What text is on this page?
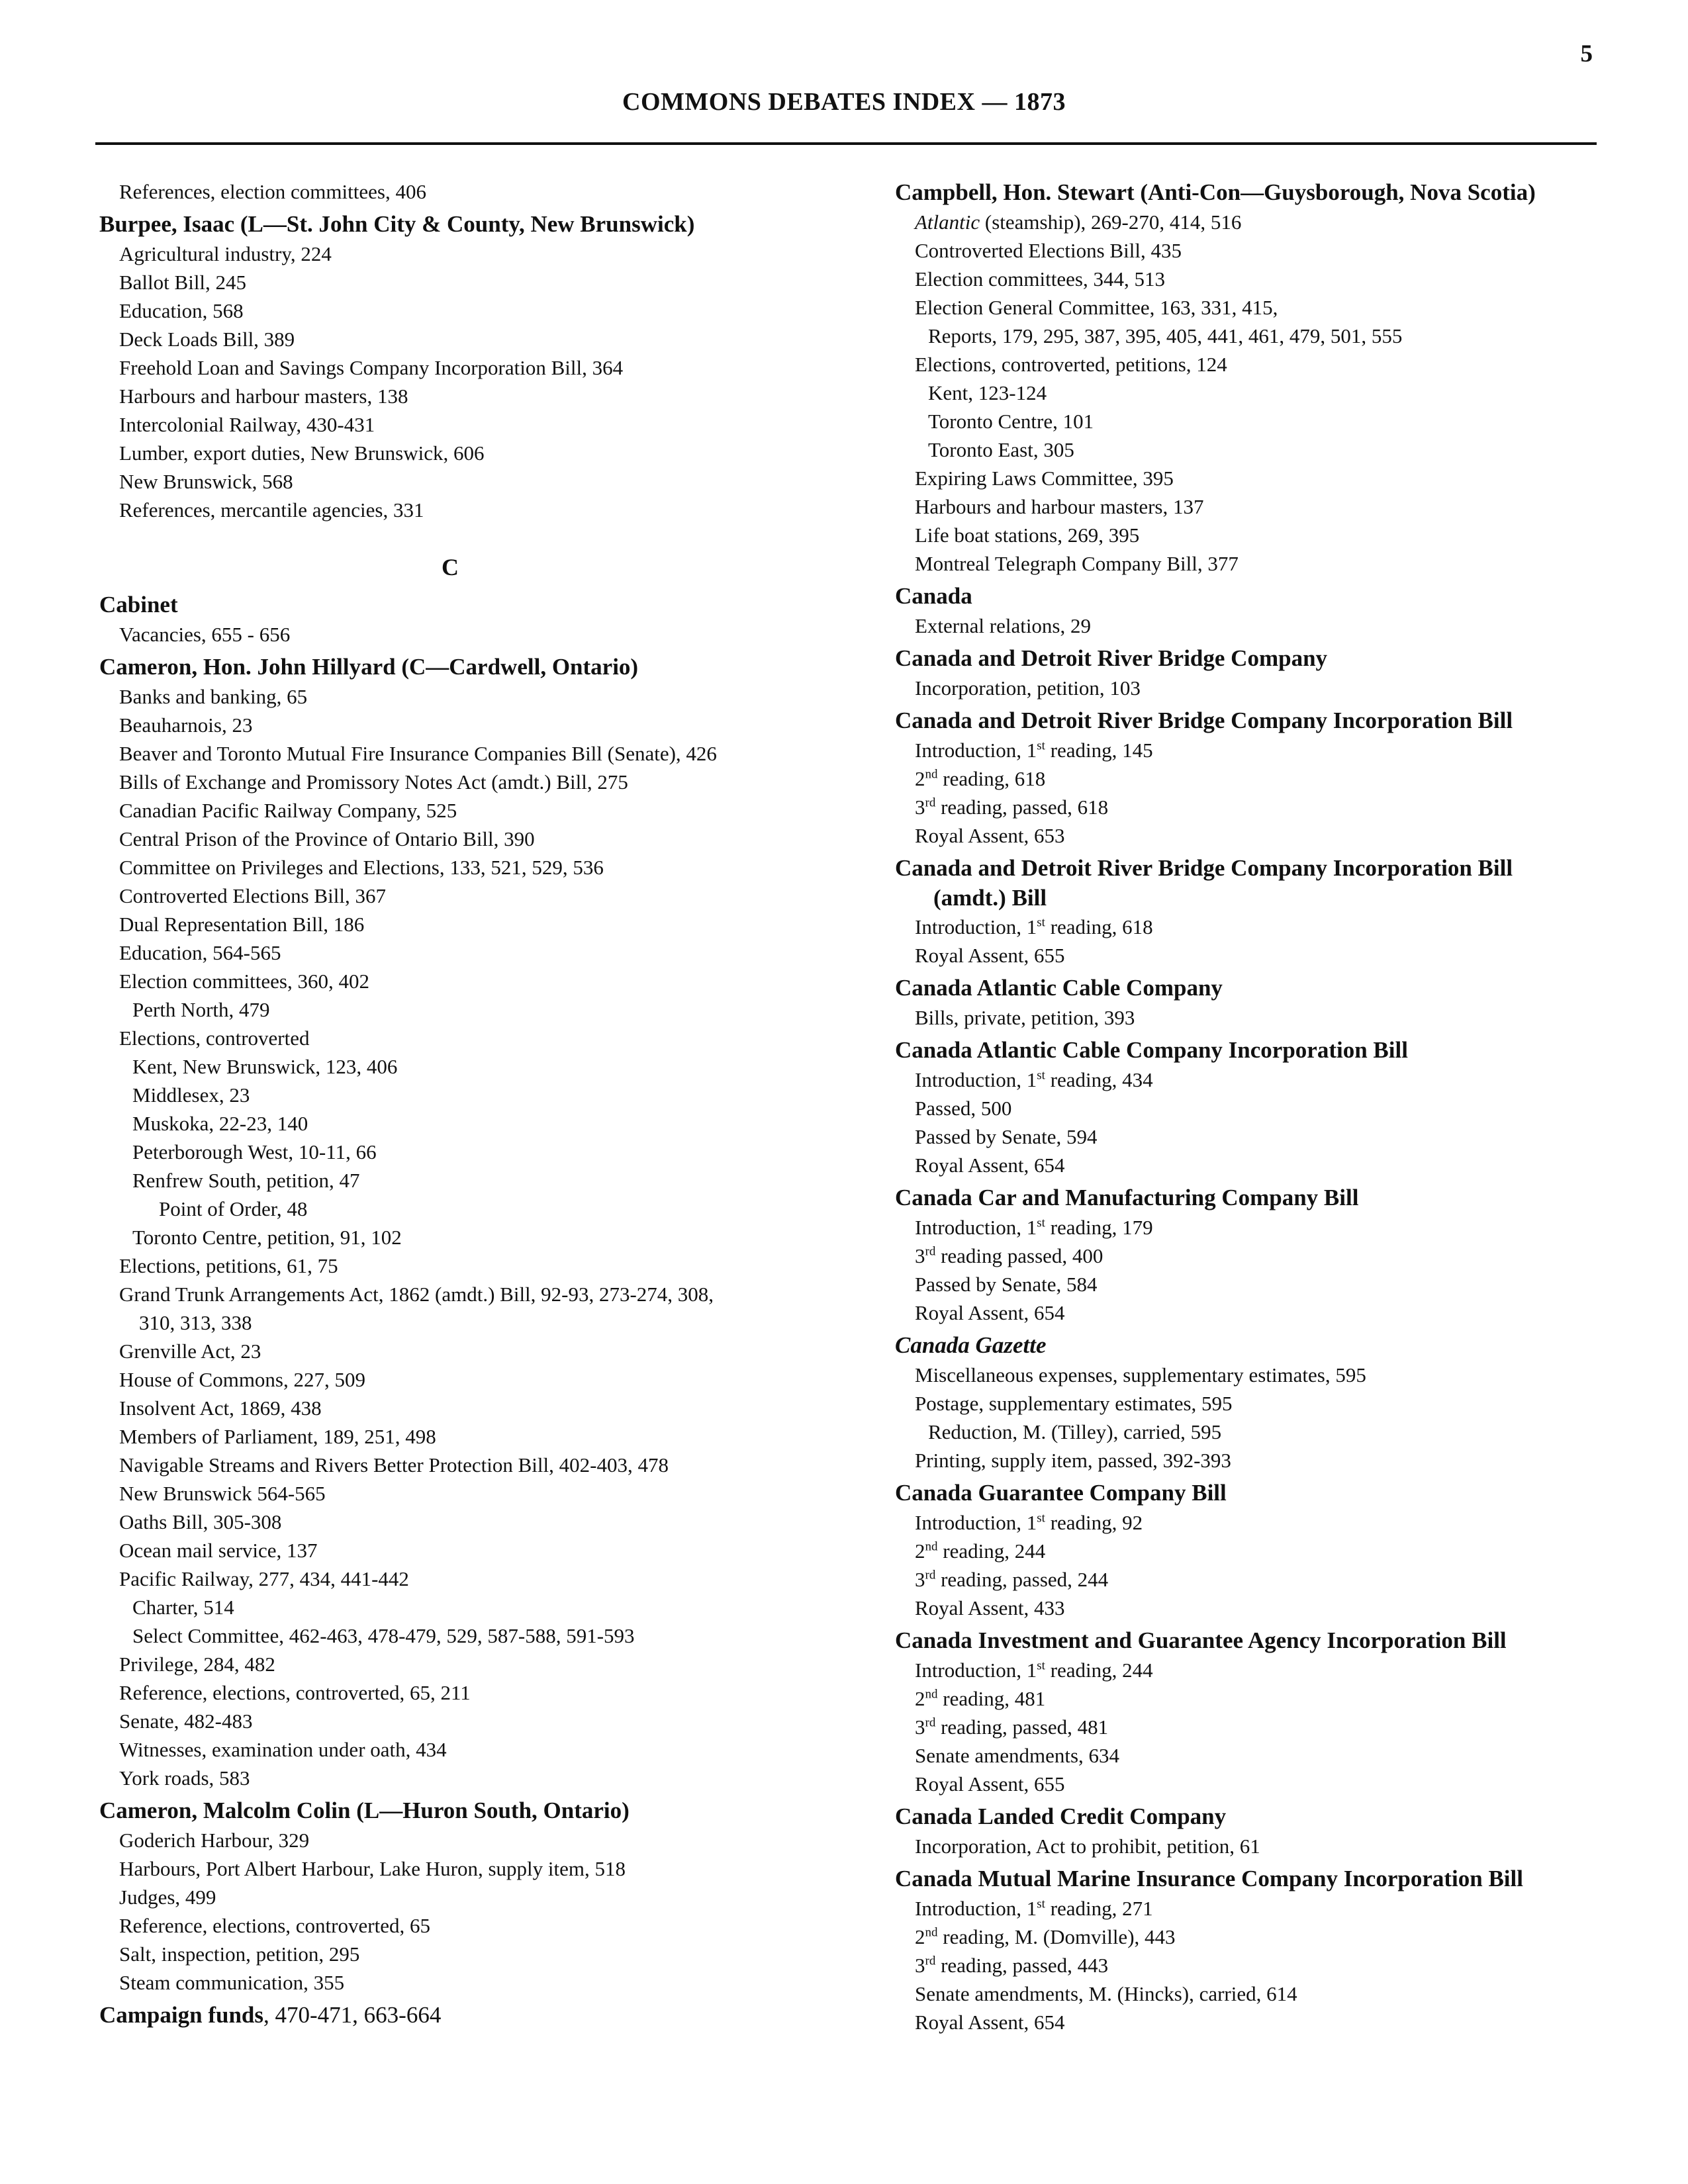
5
COMMONS DEBATES INDEX — 1873
References, election committees, 406
Burpee, Isaac (L—St. John City & County, New Brunswick)
Agricultural industry, 224
Ballot Bill, 245
Education, 568
Deck Loads Bill, 389
Freehold Loan and Savings Company Incorporation Bill, 364
Harbours and harbour masters, 138
Intercolonial Railway, 430-431
Lumber, export duties, New Brunswick, 606
New Brunswick, 568
References, mercantile agencies, 331
C
Cabinet
Vacancies, 655 - 656
Cameron, Hon. John Hillyard (C—Cardwell, Ontario)
Banks and banking, 65
Beauharnois, 23
Beaver and Toronto Mutual Fire Insurance Companies Bill (Senate), 426
Bills of Exchange and Promissory Notes Act (amdt.) Bill, 275
Canadian Pacific Railway Company, 525
Central Prison of the Province of Ontario Bill, 390
Committee on Privileges and Elections, 133, 521, 529, 536
Controverted Elections Bill, 367
Dual Representation Bill, 186
Education, 564-565
Election committees, 360, 402
Perth North, 479
Elections, controverted
Kent, New Brunswick, 123, 406
Middlesex, 23
Muskoka, 22-23, 140
Peterborough West, 10-11, 66
Renfrew South, petition, 47
Point of Order, 48
Toronto Centre, petition, 91, 102
Elections, petitions, 61, 75
Grand Trunk Arrangements Act, 1862 (amdt.) Bill, 92-93, 273-274, 308,
310, 313, 338
Grenville Act, 23
House of Commons, 227, 509
Insolvent Act, 1869, 438
Members of Parliament, 189, 251, 498
Navigable Streams and Rivers Better Protection Bill, 402-403, 478
New Brunswick 564-565
Oaths Bill, 305-308
Ocean mail service, 137
Pacific Railway, 277, 434, 441-442
Charter, 514
Select Committee, 462-463, 478-479, 529, 587-588, 591-593
Privilege, 284, 482
Reference, elections, controverted, 65, 211
Senate, 482-483
Witnesses, examination under oath, 434
York roads, 583
Cameron, Malcolm Colin (L—Huron South, Ontario)
Goderich Harbour, 329
Harbours, Port Albert Harbour, Lake Huron, supply item, 518
Judges, 499
Reference, elections, controverted, 65
Salt, inspection, petition, 295
Steam communication, 355
Campaign funds, 470-471, 663-664
Campbell, Hon. Stewart (Anti-Con—Guysborough, Nova Scotia)
Atlantic (steamship), 269-270, 414, 516
Controverted Elections Bill, 435
Election committees, 344, 513
Election General Committee, 163, 331, 415,
Reports, 179, 295, 387, 395, 405, 441, 461, 479, 501, 555
Elections, controverted, petitions, 124
Kent, 123-124
Toronto Centre, 101
Toronto East, 305
Expiring Laws Committee, 395
Harbours and harbour masters, 137
Life boat stations, 269, 395
Montreal Telegraph Company Bill, 377
Canada
External relations, 29
Canada and Detroit River Bridge Company
Incorporation, petition, 103
Canada and Detroit River Bridge Company Incorporation Bill
Introduction, 1st reading, 145
2nd reading, 618
3rd reading, passed, 618
Royal Assent, 653
Canada and Detroit River Bridge Company Incorporation Bill
(amdt.) Bill
Introduction, 1st reading, 618
Royal Assent, 655
Canada Atlantic Cable Company
Bills, private, petition, 393
Canada Atlantic Cable Company Incorporation Bill
Introduction, 1st reading, 434
Passed, 500
Passed by Senate, 594
Royal Assent, 654
Canada Car and Manufacturing Company Bill
Introduction, 1st reading, 179
3rd reading passed, 400
Passed by Senate, 584
Royal Assent, 654
Canada Gazette
Miscellaneous expenses, supplementary estimates, 595
Postage, supplementary estimates, 595
Reduction, M. (Tilley), carried, 595
Printing, supply item, passed, 392-393
Canada Guarantee Company Bill
Introduction, 1st reading, 92
2nd reading, 244
3rd reading, passed, 244
Royal Assent, 433
Canada Investment and Guarantee Agency Incorporation Bill
Introduction, 1st reading, 244
2nd reading, 481
3rd reading, passed, 481
Senate amendments, 634
Royal Assent, 655
Canada Landed Credit Company
Incorporation, Act to prohibit, petition, 61
Canada Mutual Marine Insurance Company Incorporation Bill
Introduction, 1st reading, 271
2nd reading, M. (Domville), 443
3rd reading, passed, 443
Senate amendments, M. (Hincks), carried, 614
Royal Assent, 654
